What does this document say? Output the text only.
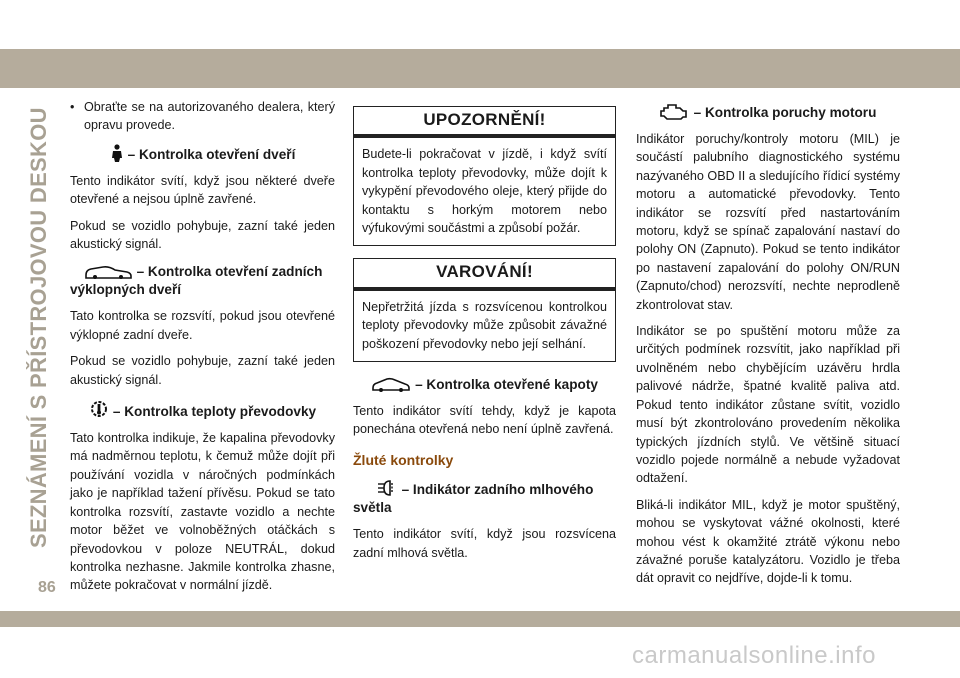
SEZNÁMENÍ S PŘÍSTROJOVOU DESKOU
• Obraťte se na autorizovaného dealera, který opravu provede.
– Kontrolka otevření dveří

Tento indikátor svítí, když jsou některé dveře otevřené a nejsou úplně zavřené.

Pokud se vozidlo pohybuje, zazní také jeden akustický signál.

– Kontrolka otevření zadních
výklopných dveří

Tato kontrolka se rozsvítí, pokud jsou otevřené výklopné zadní dveře.

Pokud se vozidlo pohybuje, zazní také jeden akustický signál.

– Kontrolka teploty převodovky

Tato kontrolka indikuje, že kapalina převodovky má nadměrnou teplotu, k čemuž může dojít při používání vozidla v náročných podmínkách jako je například tažení přívěsu. Pokud se tato kontrolka rozsvítí, zastavte vozidlo a nechte motor běžet ve volnoběžných otáčkách s převodovkou v poloze NEUTRÁL, dokud kontrolka nezhasne. Jakmile kontrolka zhasne, můžete pokračovat v normální jízdě.

UPOZORNĚNÍ!
Budete-li pokračovat v jízdě, i když svítí kontrolka teploty převodovky, může dojít k vykypění převodového oleje, který přijde do kontaktu s horkým motorem nebo výfukovými součástmi a způsobí požár.
VAROVÁNÍ!
Nepřetržitá jízda s rozsvícenou kontrolkou teploty převodovky může způsobit závažné poškození převodovky nebo její selhání.
– Kontrolka otevřené kapoty

Tento indikátor svítí tehdy, když je kapota ponechána otevřená nebo není úplně zavřená.

Žluté kontrolky
– Indikátor zadního mlhového
světla

Tento indikátor svítí, když jsou rozsvícena zadní mlhová světla.

– Kontrolka poruchy motoru

Indikátor poruchy/kontroly motoru (MIL) je součástí palubního diagnostického systému nazývaného OBD II a sledujícího řídicí systémy motoru a automatické převodovky. Tento indikátor se rozsvítí před nastartováním motoru, když se spínač zapalování nastaví do polohy ON (Zapnuto). Pokud se tento indikátor po nastavení zapalování do polohy ON/RUN (Zapnuto/chod) nerozsvítí, nechte neprodleně zkontrolovat stav.

Indikátor se po spuštění motoru může za určitých podmínek rozsvítit, jako například při uvolněném nebo chybějícím uzávěru hrdla palivové nádrže, špatné kvalitě paliva atd. Pokud tento indikátor zůstane svítit, vozidlo musí být zkontrolováno provedením několika typických jízdních stylů. Ve většině situací vozidlo pojede normálně a nebude vyžadovat odtažení.

Bliká-li indikátor MIL, když je motor spuštěný, mohou se vyskytovat vážné okolnosti, které mohou vést k okamžité ztrátě výkonu nebo závažné poruše katalyzátoru. Vozidlo je třeba dát opravit co nejdříve, dojde-li k tomu.

86
carmanualsonline.info
